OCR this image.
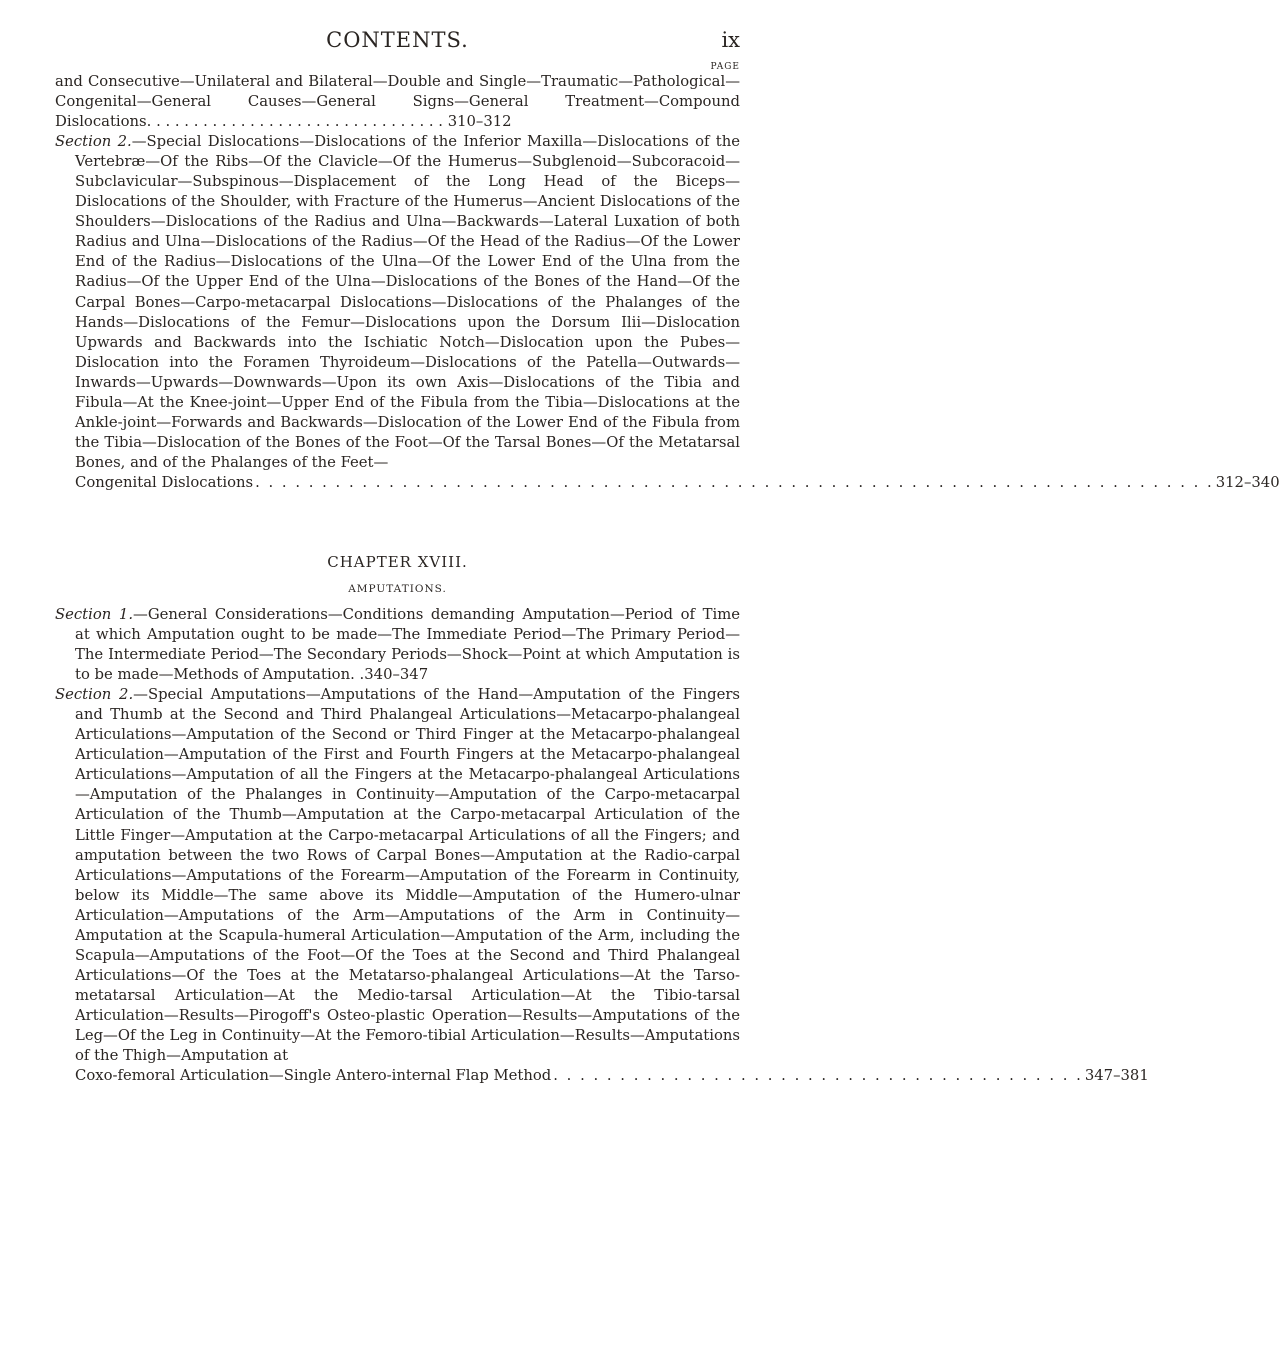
CONTENTS.	ix
PAGE
and Consecutive—Unilateral and Bilateral—Double and Single—Traumatic—Pathological—Congenital—General Causes—General Signs—General Treatment—Compound Dislocations. . . . . . . . . . . . . . . . . . . . . . . . . . . . . . . . 310–312
Section 2.—Special Dislocations—Dislocations of the Inferior Maxilla—Dislocations of the Vertebræ—Of the Ribs—Of the Clavicle—Of the Humerus—Subglenoid—Subcoracoid—Subclavicular—Subspinous—Displacement of the Long Head of the Biceps—Dislocations of the Shoulder, with Fracture of the Humerus—Ancient Dislocations of the Shoulders—Dislocations of the Radius and Ulna—Backwards—Lateral Luxation of both Radius and Ulna—Dislocations of the Radius—Of the Head of the Radius—Of the Lower End of the Radius—Dislocations of the Ulna—Of the Lower End of the Ulna from the Radius—Of the Upper End of the Ulna—Dislocations of the Bones of the Hand—Of the Carpal Bones—Carpo-metacarpal Dislocations—Dislocations of the Phalanges of the Hands—Dislocations of the Femur—Dislocations upon the Dorsum Ilii—Dislocation Upwards and Backwards into the Ischiatic Notch—Dislocation upon the Pubes—Dislocation into the Foramen Thyroideum—Dislocations of the Patella—Outwards—Inwards—Upwards—Downwards—Upon its own Axis—Dislocations of the Tibia and Fibula—At the Knee-joint—Upper End of the Fibula from the Tibia—Dislocations at the Ankle-joint—Forwards and Backwards—Dislocation of the Lower End of the Fibula from the Tibia—Dislocation of the Bones of the Foot—Of the Tarsal Bones—Of the Metatarsal Bones, and of the Phalanges of the Feet—
Congenital Dislocations . . . . . . . . . . . . . . . . . . . . . . . . . . . . . . . . . . . . . . . . . . . . . . . . . . . . . . . . . . . . . . . . . . . . . . . . 312–340
CHAPTER XVIII.
AMPUTATIONS.
Section 1.—General Considerations—Conditions demanding Amputation—Period of Time at which Amputation ought to be made—The Immediate Period—The Primary Period—The Intermediate Period—The Secondary Periods—Shock—Point at which Amputation is to be made—Methods of Amputation. .340–347
Section 2.—Special Amputations—Amputations of the Hand—Amputation of the Fingers and Thumb at the Second and Third Phalangeal Articulations—Metacarpo-phalangeal Articulations—Amputation of the Second or Third Finger at the Metacarpo-phalangeal Articulation—Amputation of the First and Fourth Fingers at the Metacarpo-phalangeal Articulations—Amputation of all the Fingers at the Metacarpo-phalangeal Articulations—Amputation of the Phalanges in Continuity—Amputation of the Carpo-metacarpal Articulation of the Thumb—Amputation at the Carpo-metacarpal Articulation of the Little Finger—Amputation at the Carpo-metacarpal Articulations of all the Fingers; and amputation between the two Rows of Carpal Bones—Amputation at the Radio-carpal Articulations—Amputations of the Forearm—Amputation of the Forearm in Continuity, below its Middle—The same above its Middle—Amputation of the Humero-ulnar Articulation—Amputations of the Arm—Amputations of the Arm in Continuity—Amputation at the Scapula-humeral Articulation—Amputation of the Arm, including the Scapula—Amputations of the Foot—Of the Toes at the Second and Third Phalangeal Articulations—Of the Toes at the Metatarso-phalangeal Articulations—At the Tarso-metatarsal Articulation—At the Medio-tarsal Articulation—At the Tibio-tarsal Articulation—Results—Pirogoff's Osteo-plastic Operation—Results—Amputations of the Leg—Of the Leg in Continuity—At the Femoro-tibial Articulation—Results—Amputations of the Thigh—Amputation at
Coxo-femoral Articulation—Single Antero-internal Flap Method . . . . . . . . . . . . . . . . . . . . . . . . . . . . . . . . . . . . . . . . 347–381
